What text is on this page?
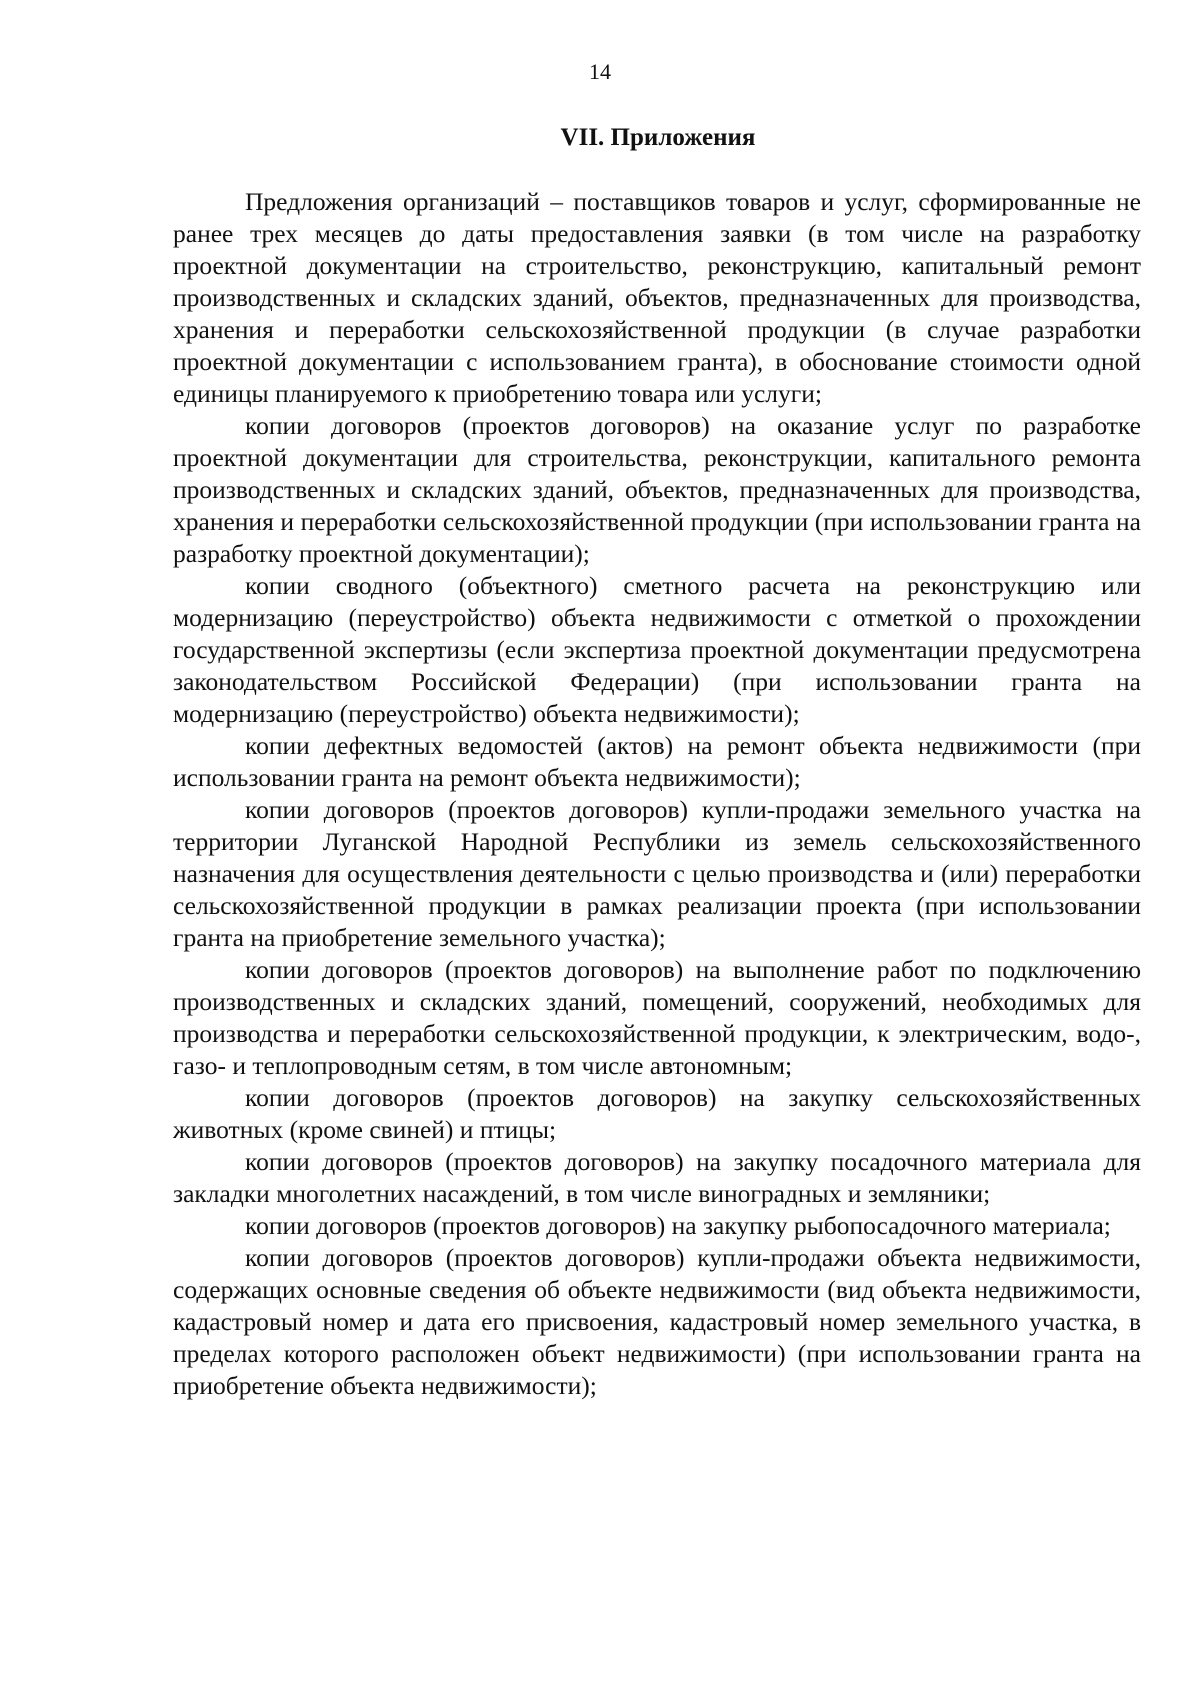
14
VII. Приложения

Предложения организаций – поставщиков товаров и услуг, сформированные не ранее трех месяцев до даты предоставления заявки (в том числе на разработку проектной документации на строительство, реконструкцию, капитальный ремонт производственных и складских зданий, объектов, предназначенных для производства, хранения и переработки сельскохозяйственной продукции (в случае разработки проектной документации с использованием гранта), в обоснование стоимости одной единицы планируемого к приобретению товара или услуги;

копии договоров (проектов договоров) на оказание услуг по разработке проектной документации для строительства, реконструкции, капитального ремонта производственных и складских зданий, объектов, предназначенных для производства, хранения и переработки сельскохозяйственной продукции (при использовании гранта на разработку проектной документации);

копии сводного (объектного) сметного расчета на реконструкцию или модернизацию (переустройство) объекта недвижимости с отметкой о прохождении государственной экспертизы (если экспертиза проектной документации предусмотрена законодательством Российской Федерации) (при использовании гранта на модернизацию (переустройство) объекта недвижимости);

копии дефектных ведомостей (актов) на ремонт объекта недвижимости (при использовании гранта на ремонт объекта недвижимости);

копии договоров (проектов договоров) купли-продажи земельного участка на территории Луганской Народной Республики из земель сельскохозяйственного назначения для осуществления деятельности с целью производства и (или) переработки сельскохозяйственной продукции в рамках реализации проекта (при использовании гранта на приобретение земельного участка);

копии договоров (проектов договоров) на выполнение работ по подключению производственных и складских зданий, помещений, сооружений, необходимых для производства и переработки сельскохозяйственной продукции, к электрическим, водо-, газо- и теплопроводным сетям, в том числе автономным;

копии договоров (проектов договоров) на закупку сельскохозяйственных животных (кроме свиней) и птицы;

копии договоров (проектов договоров) на закупку посадочного материала для закладки многолетних насаждений, в том числе виноградных и земляники;

копии договоров (проектов договоров) на закупку рыбопосадочного материала;

копии договоров (проектов договоров) купли-продажи объекта недвижимости, содержащих основные сведения об объекте недвижимости (вид объекта недвижимости, кадастровый номер и дата его присвоения, кадастровый номер земельного участка, в пределах которого расположен объект недвижимости) (при использовании гранта на приобретение объекта недвижимости);
